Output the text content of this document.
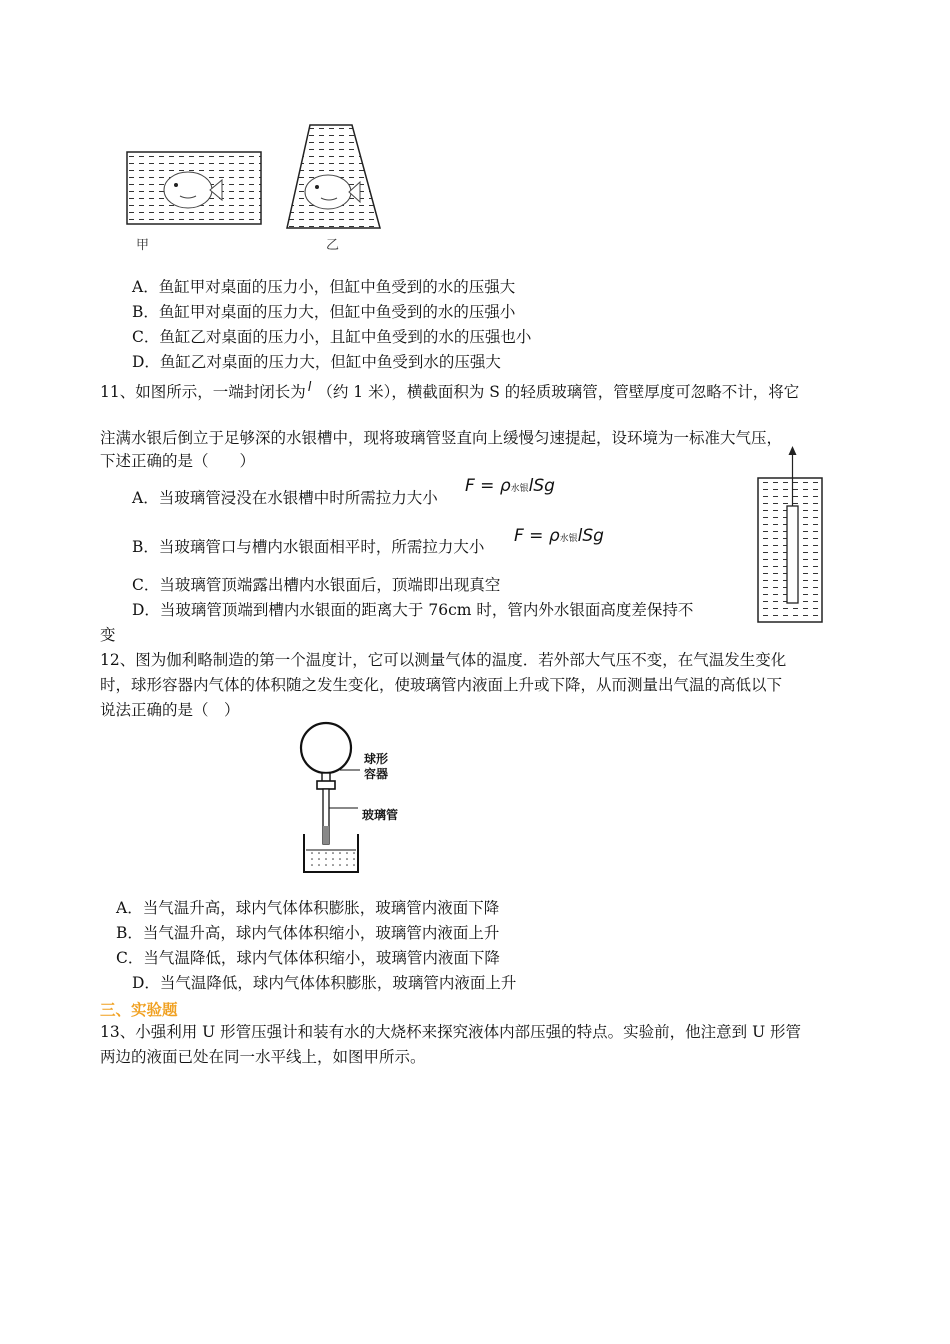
甲	乙
A．鱼缸甲对桌面的压力小，但缸中鱼受到的水的压强大
B．鱼缸甲对桌面的压力大，但缸中鱼受到的水的压强小
C．鱼缸乙对桌面的压力小，且缸中鱼受到的水的压强也小
D．鱼缸乙对桌面的压力大，但缸中鱼受到水的压强大
11、如图所示，一端封闭长为 $^l$ （约 1 米），横截面积为 S 的轻质玻璃管，管壁厚度可忽略不计，将它
注满水银后倒立于足够深的水银槽中，现将玻璃管竖直向上缓慢匀速提起，设环境为一标准大气压，
下述正确的是（　　）
A．当玻璃管浸没在水银槽中时所需拉力大小
F = ρ水银lSg
B．当玻璃管口与槽内水银面相平时，所需拉力大小
F = ρ水银lSg
C．当玻璃管顶端露出槽内水银面后，顶端即出现真空
D．当玻璃管顶端到槽内水银面的距离大于 76cm 时，管内外水银面高度差保持不
变
12、图为伽利略制造的第一个温度计，它可以测量气体的温度．若外部大气压不变，在气温发生变化
时，球形容器内气体的体积随之发生变化，使玻璃管内液面上升或下降，从而测量出气温的高低以下
说法正确的是（　）
球形
容器
玻璃管
A．当气温升高，球内气体体积膨胀，玻璃管内液面下降
B．当气温升高，球内气体体积缩小，玻璃管内液面上升
C．当气温降低，球内气体体积缩小，玻璃管内液面下降
D．当气温降低，球内气体体积膨胀，玻璃管内液面上升
三、实验题
13、小强利用 U 形管压强计和装有水的大烧杯来探究液体内部压强的特点。实验前，他注意到 U 形管
两边的液面已处在同一水平线上，如图甲所示。
